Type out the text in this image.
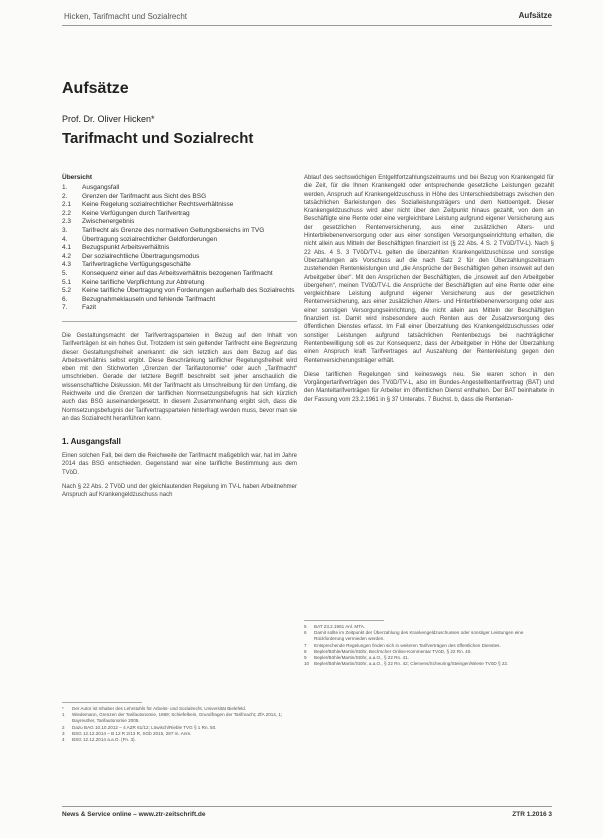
Hicken, Tarifmacht und Sozialrecht	Aufsätze
Aufsätze
Prof. Dr. Oliver Hicken*
Tarifmacht und Sozialrecht
Übersicht
1.	Ausgangsfall
2.	Grenzen der Tarifmacht aus Sicht des BSG
2.1	Keine Regelung sozialrechtlicher Rechtsverhältnisse
2.2	Keine Verfügungen durch Tarifvertrag
2.3	Zwischenergebnis
3.	Tarifrecht als Grenze des normativen Geltungsbereichs im TVG
4.	Übertragung sozialrechtlicher Geldforderungen
4.1	Bezugspunkt Arbeitsverhältnis
4.2	Der sozialrechtliche Übertragungsmodus
4.3	Tarifvertragliche Verfügungsgeschäfte
5.	Konsequenz einer auf das Arbeitsverhältnis bezogenen Tarifmacht
5.1	Keine tarifliche Verpflichtung zur Abtretung
5.2	Keine tarifliche Übertragung von Forderungen außerhalb des Sozialrechts
6.	Bezugnahmeklauseln und fehlende Tarifmacht
7.	Fazit

Die Gestaltungsmacht der Tarifvertragsparteien in Bezug auf den Inhalt von Tarifverträgen ist ein hohes Gut. Trotzdem ist sein geltender Tarifrecht eine Begrenzung dieser Gestaltungsfreiheit anerkannt: die sich letztlich aus dem Bezug auf das Arbeitsverhältnis selbst ergibt. Diese Beschränkung tariflicher Regelungsfreiheit wird eben mit den Stichworten „Grenzen der Tarifautonomie“ oder auch „Tarifmacht“ umschrieben. Gerade der letztere Begriff beschreibt seit jeher anschaulich die wissenschaftliche Diskussion. Mit der Tarifmacht als Umschreibung für den Umfang, die Reichweite und die Grenzen der tariflichen Normsetzungsbefugnis hat sich kürzlich auch das BSG auseinandergesetzt. In diesem Zusammenhang ergibt sich, dass die Normsetzungsbefugnis der Tarifvertragsparteien hinterfragt werden muss, bevor man sie an das Sozialrecht heranführen kann.

1. Ausgangsfall

Einen solchen Fall, bei dem die Reichweite der Tarifmacht maßgeblich war, hat im Jahre 2014 das BSG entschieden. Gegenstand war eine tarifliche Bestimmung aus dem TVöD.

Nach § 22 Abs. 2 TVöD und der gleichlautenden Regelung im TV-L haben Arbeitnehmer Anspruch auf Krankengeldzuschuss nach

Ablauf des sechswöchigen Entgeltfortzahlungszeitraums und bei Bezug von Krankengeld für die Zeit, für die Ihnen Krankengeld oder entsprechende gesetzliche Leistungen gezahlt werden, Anspruch auf Krankengeldzuschuss in Höhe des Unterschiedsbetrags zwischen den tatsächlichen Barleistungen des Sozialleistungsträgers und dem Nettoentgelt. Dieser Krankengeldzuschuss wird aber nicht über den Zeitpunkt hinaus gezahlt, von dem an Beschäftigte eine Rente oder eine vergleichbare Leistung aufgrund eigener Versicherung aus der gesetzlichen Rentenversicherung, aus einer zusätzlichen Alters- und Hinterbliebenenversorgung oder aus einer sonstigen Versorgungseinrichtung erhalten, die nicht allein aus Mitteln der Beschäftigten finanziert ist (§ 22 Abs. 4 S. 2 TVöD/TV-L). Nach § 22 Abs. 4 S. 3 TVöD/TV-L gelten die überzahlten Krankengeldzuschüsse und sonstige Überzahlungen als Vorschuss auf die nach Satz 2 für den Überzahlungszeitraum zustehenden Rentenleistungen und „die Ansprüche der Beschäftigten gehen insoweit auf den Arbeitgeber über“. Mit den Ansprüchen der Beschäftigten, die „insoweit auf den Arbeitgeber übergehen“, meinen TVöD/TV-L die Ansprüche der Beschäftigten auf eine Rente oder eine vergleichbare Leistung aufgrund eigener Versicherung aus der gesetzlichen Rentenversicherung, aus einer zusätzlichen Alters- und Hinterbliebenenversorgung oder aus einer sonstigen Versorgungseinrichtung, die nicht allein aus Mitteln der Beschäftigten finanziert ist. Damit wird insbesondere auch Renten aus der Zusatzversorgung des öffentlichen Dienstes erfasst. Im Fall einer Überzahlung des Krankengeldzuschusses oder sonstiger Leistungen aufgrund tatsächlichen Rentenbezugs bei nachträglicher Rentenbewilligung soll es zur Konsequenz, dass der Arbeitgeber in Höhe der Überzahlung einen Anspruch kraft Tarifvertrages auf Auszahlung der Rentenleistung gegen den Rentenversicherungsträger erhält.

Diese tariflichen Regelungen sind keineswegs neu. Sie waren schon in den Vorgängertarifverträgen des TVöD/TV-L, also im Bundes-Angestelltentarifvertrag (BAT) und den Manteltarifverträgen für Arbeiter im öffentlichen Dienst enthalten. Der BAT beinhaltete in der Fassung vom 23.2.1961 in § 37 Unterabs. 7 Buchst. b, dass die Rentenan-

*	Der Autor ist Inhaber des Lehrstuhls für Arbeits- und Sozialrecht, Universität Bielefeld.
1	Wiedemann, Grenzen der Tarifautonomie, 1969; Schiefelbein, Grundfragen der Tarifmacht; ZfA 2014, 1; Bayreuther, Tarifautonomie 2005.
2	Dazu BAG 10.10.2012 – 4 AZR 61/12; Löwisch/Rieble TVG § 1 Rn. 50.
3	BSG 12.12.2014 – B 12 R 2/13 R, SGb 2015, 287 m. Anm.
4	BSG 12.12.2014 a.a.O. (Fn. 3).
5	BAT 23.2.1961 Anl. MTA.
6	Damit sollte im Zeitpunkt der Überzahlung des Krankengeldzuschusses oder sonstiger Leistungen eine Rückforderung vermieden werden.
7	Entsprechende Regelungen finden sich in weiteren Tarifverträgen des öffentlichen Dienstes.
8	Bepler/Böhle/Martin/Stöhr, Beck'scher Online-Kommentar TVöD, § 22 Rn. 40.
9	Bepler/Böhle/Martin/Stöhr, a.a.O., § 22 Rn. 41.
10	Bepler/Böhle/Martin/Stöhr, a.a.O., § 22 Rn. 42; Clemens/Scheuring/Steingen/Wiese TVöD § 22.
News & Service online – www.ztr-zeitschrift.de	ZTR 1.2016 3
